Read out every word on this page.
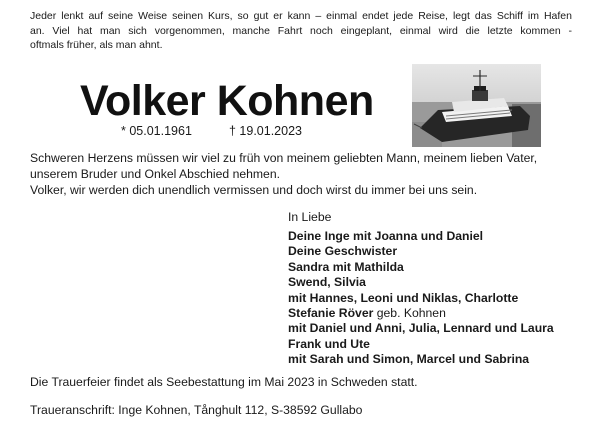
Jeder lenkt auf seine Weise seinen Kurs, so gut er kann – einmal endet jede Reise, legt das Schiff im Hafen
an. Viel hat man sich vorgenommen, manche Fahrt noch eingeplant, einmal wird die letzte kommen -
oftmals früher, als man ahnt.
Volker Kohnen
* 05.01.1961	† 19.01.2023
Schweren Herzens müssen wir viel zu früh von meinem geliebten Mann, meinem lieben Vater, unserem Bruder und Onkel Abschied nehmen.
Volker, wir werden dich unendlich vermissen und doch wirst du immer bei uns sein.
In Liebe
Deine Inge mit Joanna und Daniel
Deine Geschwister
Sandra mit Mathilda
Swend, Silvia
mit Hannes, Leoni und Niklas, Charlotte
Stefanie Röver geb. Kohnen
mit Daniel und Anni, Julia, Lennard und Laura
Frank und Ute
mit Sarah und Simon, Marcel und Sabrina
Die Trauerfeier findet als Seebestattung im Mai 2023 in Schweden statt.
Traueranschrift: Inge Kohnen, Tånghult 112, S-38592 Gullabo
